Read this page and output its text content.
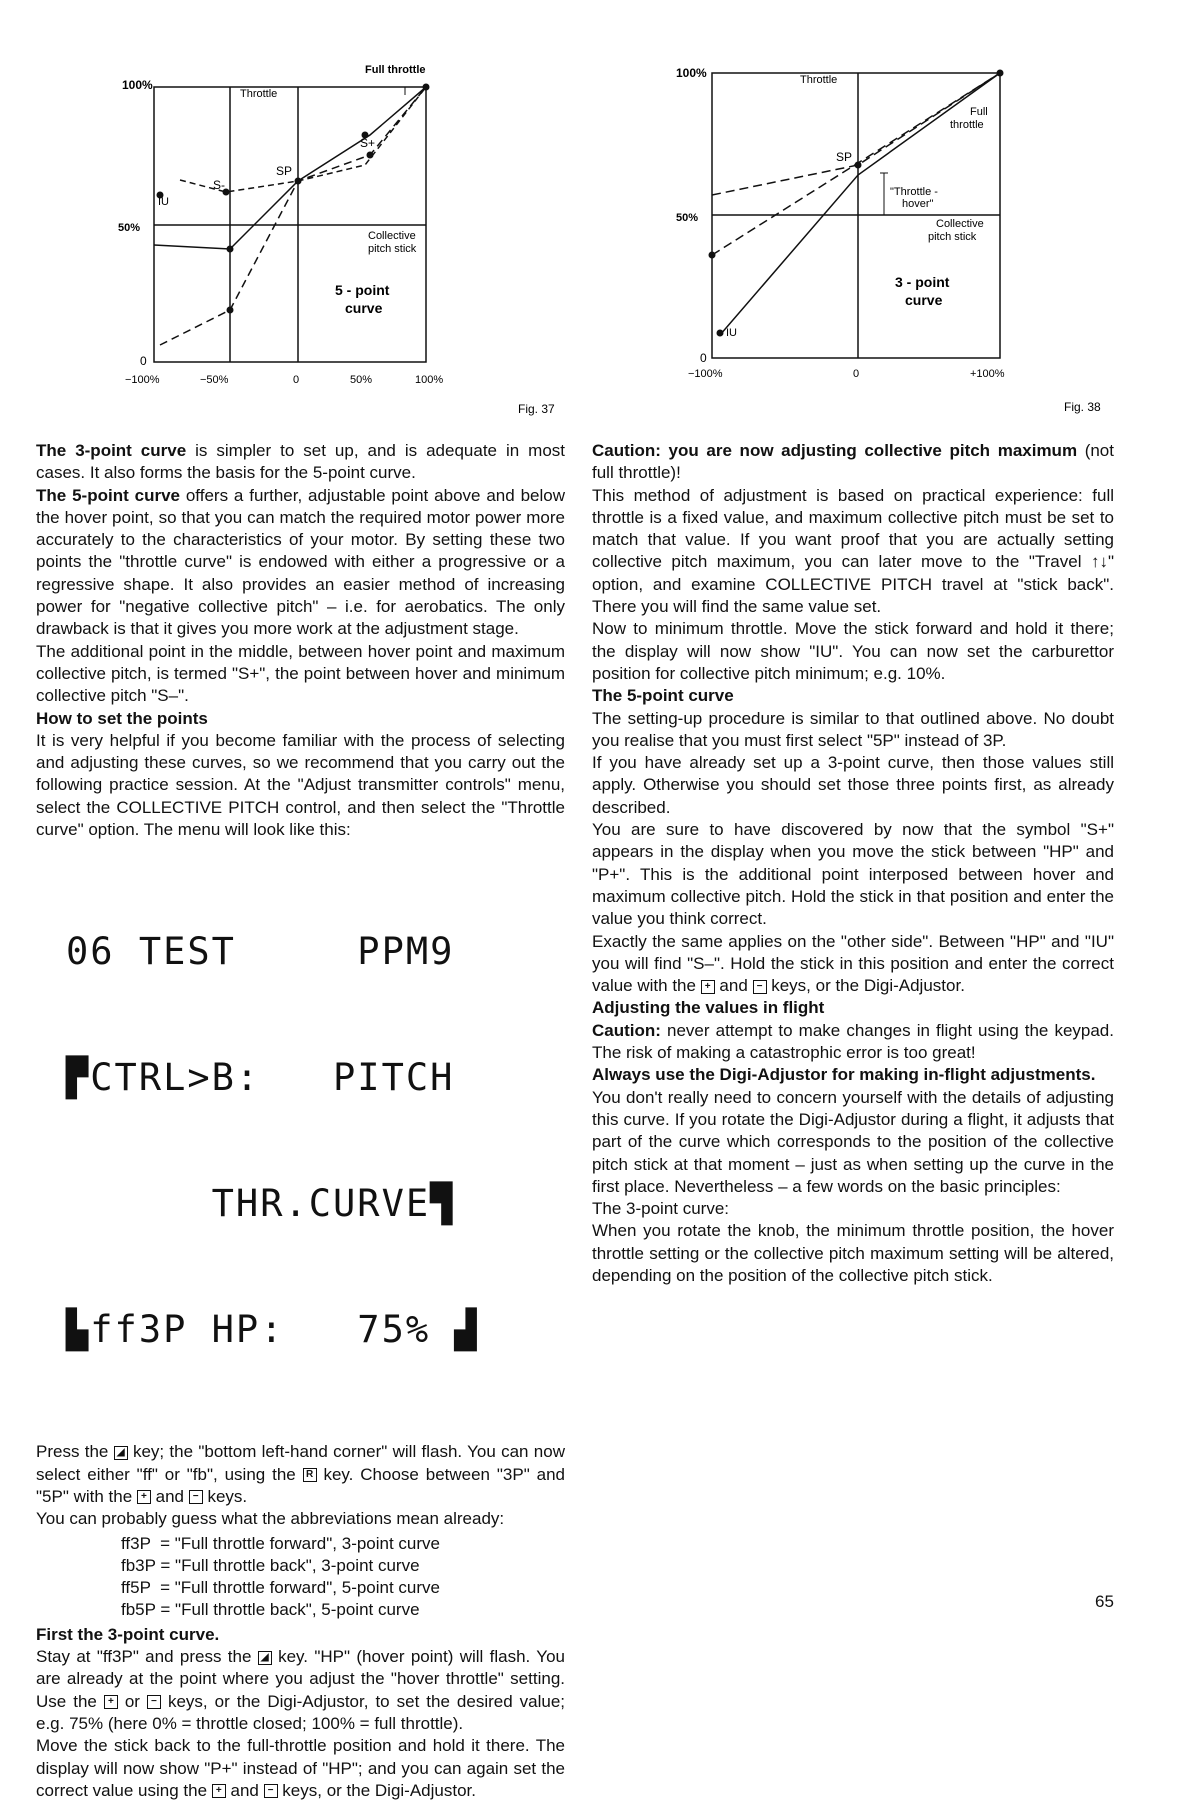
100%
Full throttle
Throttle
S+
S-
SP
IU
50%
Collective
pitch stick
5 - point
curve
0
−100%	−50%	0	50%	100%
Fig. 37
100%	Throttle
Full
throttle
SP
"Throttle -
hover"
50%	Collective
pitch stick
3 - point
curve
IU
0
−100%	0	+100%
Fig. 38

The 3-point curve is simpler to set up, and is adequate in most cases. It also forms the basis for the 5-point curve.

The 5-point curve offers a further, adjustable point above and below the hover point, so that you can match the required motor power more accurately to the characteristics of your motor. By setting these two points the "throttle curve" is endowed with either a progressive or a regressive shape. It also provides an easier method of increasing power for "negative collective pitch" – i.e. for aerobatics. The only drawback is that it gives you more work at the adjustment stage.

The additional point in the middle, between hover point and maximum collective pitch, is termed "S+", the point between hover and minimum collective pitch "S–".

How to set the points

It is very helpful if you become familiar with the process of selecting and adjusting these curves, so we recommend that you carry out the following practice session. At the "Adjust transmitter controls" menu, select the COLLECTIVE PITCH control, and then select the "Throttle curve" option. The menu will look like this:

06 TEST     PPM9

▛CTRL>B:   PITCH

THR.CURVE▜

▙ff3P HP:   75% ▟

Press the ◢ key; the "bottom left-hand corner" will flash. You can now select either "ff" or "fb", using the R key. Choose between "3P" and "5P" with the + and − keys.

You can probably guess what the abbreviations mean already:

ff3P  = "Full throttle forward", 3-point curve
fb3P = "Full throttle back", 3-point curve
ff5P  = "Full throttle forward", 5-point curve
fb5P = "Full throttle back", 5-point curve

First the 3-point curve.

Stay at "ff3P" and press the ◢ key. "HP" (hover point) will flash. You are already at the point where you adjust the "hover throttle" setting. Use the + or − keys, or the Digi-Adjustor, to set the desired value; e.g. 75% (here 0% = throttle closed; 100% = full throttle).

Move the stick back to the full-throttle position and hold it there. The display will now show "P+" instead of "HP"; and you can again set the correct value using the + and − keys, or the Digi-Adjustor.

Caution: you are now adjusting collective pitch maximum (not full throttle)!

This method of adjustment is based on practical experience: full throttle is a fixed value, and maximum collective pitch must be set to match that value. If you want proof that you are actually setting collective pitch maximum, you can later move to the "Travel ↑↓" option, and examine COLLECTIVE PITCH travel at "stick back". There you will find the same value set.

Now to minimum throttle. Move the stick forward and hold it there; the display will now show "IU". You can now set the carburettor position for collective pitch minimum; e.g. 10%.

The 5-point curve

The setting-up procedure is similar to that outlined above. No doubt you realise that you must first select "5P" instead of 3P.

If you have already set up a 3-point curve, then those values still apply. Otherwise you should set those three points first, as already described.

You are sure to have discovered by now that the symbol "S+" appears in the display when you move the stick between "HP" and "P+". This is the additional point interposed between hover and maximum collective pitch. Hold the stick in that position and enter the value you think correct.

Exactly the same applies on the "other side". Between "HP" and "IU" you will find "S–". Hold the stick in this position and enter the correct value with the + and − keys, or the Digi-Adjustor.

Adjusting the values in flight

Caution: never attempt to make changes in flight using the keypad. The risk of making a catastrophic error is too great!

Always use the Digi-Adjustor for making in-flight adjustments.

You don't really need to concern yourself with the details of adjusting this curve. If you rotate the Digi-Adjustor during a flight, it adjusts that part of the curve which corresponds to the position of the collective pitch stick at that moment – just as when setting up the curve in the first place. Nevertheless – a few words on the basic principles:

The 3-point curve:

When you rotate the knob, the minimum throttle position, the hover throttle setting or the collective pitch maximum setting will be altered, depending on the position of the collective pitch stick.

65
